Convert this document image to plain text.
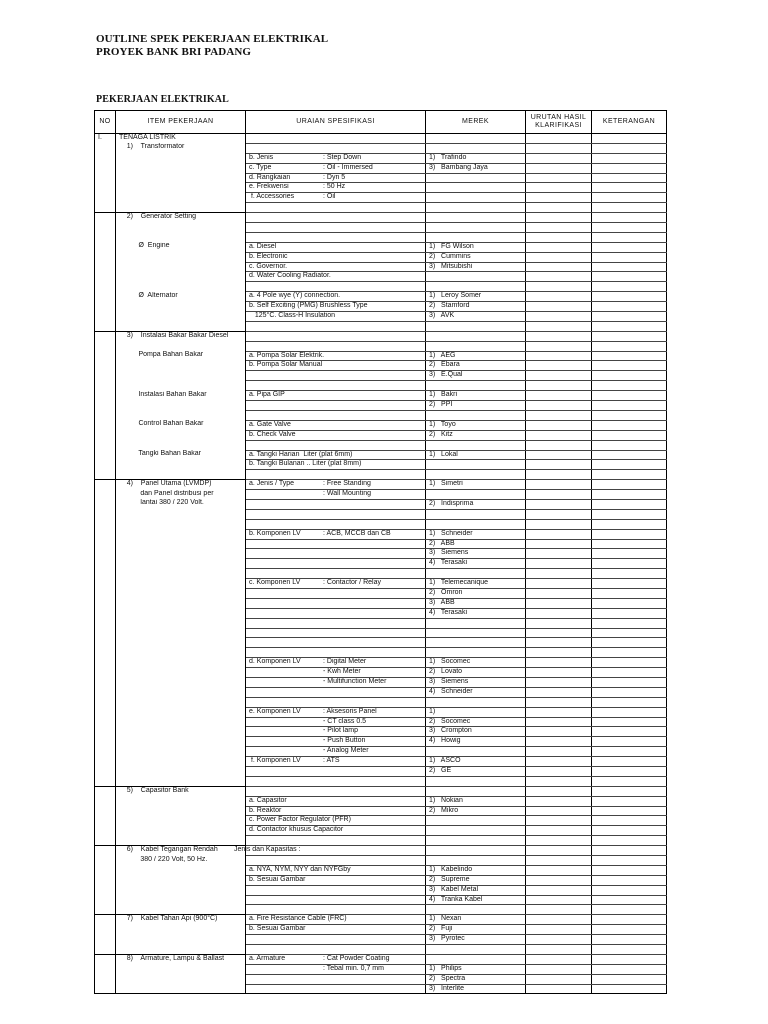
OUTLINE SPEK PEKERJAAN ELEKTRIKAL
PROYEK BANK BRI PADANG
PEKERJAAN ELEKTRIKAL
NO	ITEM PEKERJAAN	URAIAN SPESIFIKASI	MEREK	URUTAN HASIL KLARIFIKASI	KETERANGAN
I.	TENAGA LISTRIK				
	1)    Transformator				
		b. Jenis : Step Down	1)   Trafindo		
		c. Type : Oil - Immersed	3)   Bambang Jaya		
		d. Rangkaian : Dyn 5			
		e. Frekwensi : 50 Hz			
		f. Accessories : Oil			

	2)    Generator Setting				

	Ø  Engine	a. Diesel	1)   FG Wilson		
		b. Electronic	2)   Cummins		
		c. Governor.	3)   Mitsubishi		
		d. Water Cooling Radiator.			

	Ø  Alternator	a. 4 Pole wye (Y) connection.	1)   Leroy Somer		
		b. Self Exciting (PMG) Brushless Type	2)   Stamford		
		125°C. Class-H Insulation	3)   AVK		

	3)    Instalasi Bakar Bakar Diesel				

	Pompa Bahan Bakar	a. Pompa Solar Elektrik.	1)   AEG		
		b. Pompa Solar Manual	2)   Ebara		
			3)   E.Qual		

	Instalasi Bahan Bakar	a. Pipa GIP	1)   Bakri		
			2)   PPI		

	Control Bahan Bakar	a. Gate Valve	1)   Toyo		
		b. Check Valve	2)   Kitz		

	Tangki Bahan Bakar	a. Tangki Harian  Liter (plat 6mm)	1)   Lokal		
		b. Tangki Bulanan .. Liter (plat 8mm)			

	4)    Panel Utama (LVMDP)	a. Jenis / Type : Free Standing	1)   Simetri		
	dan Panel distribusi per	: Wall Mounting			
	lantai 380 / 220 Volt.		2)   Indisprima		

		b. Komponen LV : ACB, MCCB dan CB	1)   Schneider		
			2)   ABB		
			3)   Siemens		
			4)   Terasaki		

		c. Komponen LV : Contactor / Relay	1)   Telemecanique		
			2)   Omron		
			3)   ABB		
			4)   Terasaki		

		d. Komponen LV : Digital Meter	1)   Socomec		
		- Kwh Meter	2)   Lovato		
		- Multifunction Meter	3)   Siemens		
			4)   Schneider		

		e. Komponen LV : Aksesoris Panel	1)		
		- CT class 0.5	2)   Socomec		
		- Pilot lamp	3)   Crompton		
		- Push Button	4)   Howig		
		- Analog Meter			
		f. Komponen LV : ATS	1)   ASCO		
			2)   GE		

	5)    Capasitor Bank				
		a. Capasitor	1)   Nokian		
		b. Reaktor	2)   Mikro		
		c. Power Factor Regulator (PFR)			
		d. Contactor khusus Capacitor			

	6)    Kabel Tegangan Rendah	Jenis dan Kapasitas :			
	380 / 220 Volt, 50 Hz.				
		a. NYA, NYM, NYY dan NYFGby	1)   Kabelindo		
		b. Sesuai Gambar	2)   Supreme		
			3)   Kabel Metal		
			4)   Tranka Kabel		

	7)    Kabel Tahan Api (900°C)	a. Fire Resistance Cable (FRC)	1)   Nexan		
		b. Sesuai Gambar	2)   Fuji		
			3)   Pyrotec		

	8)    Armature, Lampu & Ballast	a. Armature : Cat Powder Coating			
		: Tebal min. 0,7 mm	1)   Philips		
			2)   Spectra		
			3)   Interlite		
